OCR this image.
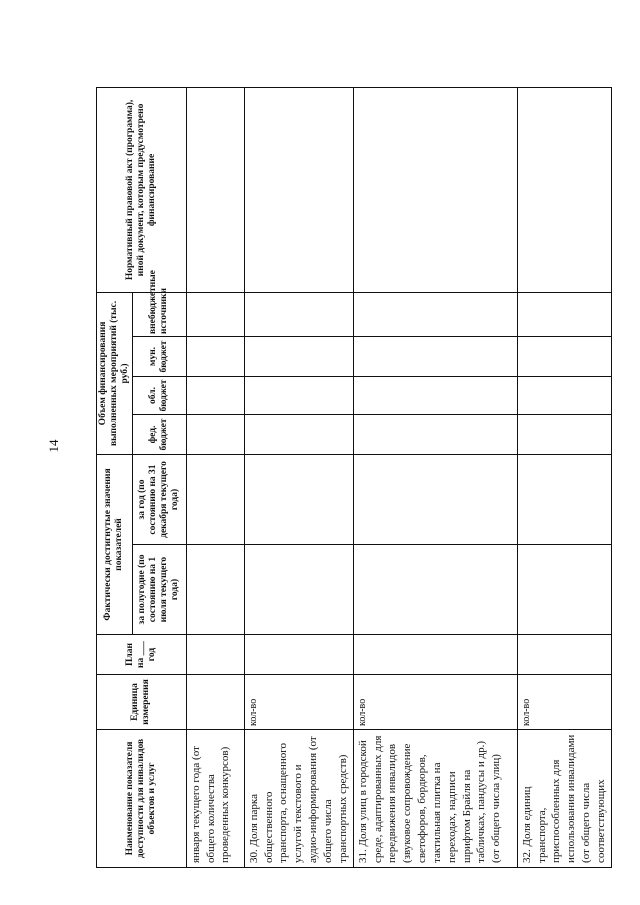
14
Наименование показателя доступности для инвалидов объектов и услуг	Единица измерения	План на ___ год	Фактически достигнутые значения показателей		Объем финансирования выполненных мероприятий (тыс. руб.)				Нормативный правовой акт (программа), иной документ, которым предусмотрено финансирование
			за полугодие (по состоянию на 1 июля текущего года)	за год (по состоянию на 31 декабря текущего года)	фед. бюджет	обл. бюджет	мун. бюджет	внебюджетные источники	

января текущего года (от общего количества проведенных конкурсов)									
30. Доля парка общественного транспорта, оснащенного услугой текстового и аудио-информирования (от общего числа транспортных средств)	кол-во								
31. Доля улиц в городской среде, адаптированных для передвижения инвалидов (звуковое сопровождение светофоров, бордюров, тактильная плитка на переходах, надписи шрифтом Брайля на табличках, пандусы и др.) (от общего числа улиц)	кол-во								
32. Доля единиц транспорта, приспособленных для использования инвалидами (от общего числа соответствующих	кол-во								
